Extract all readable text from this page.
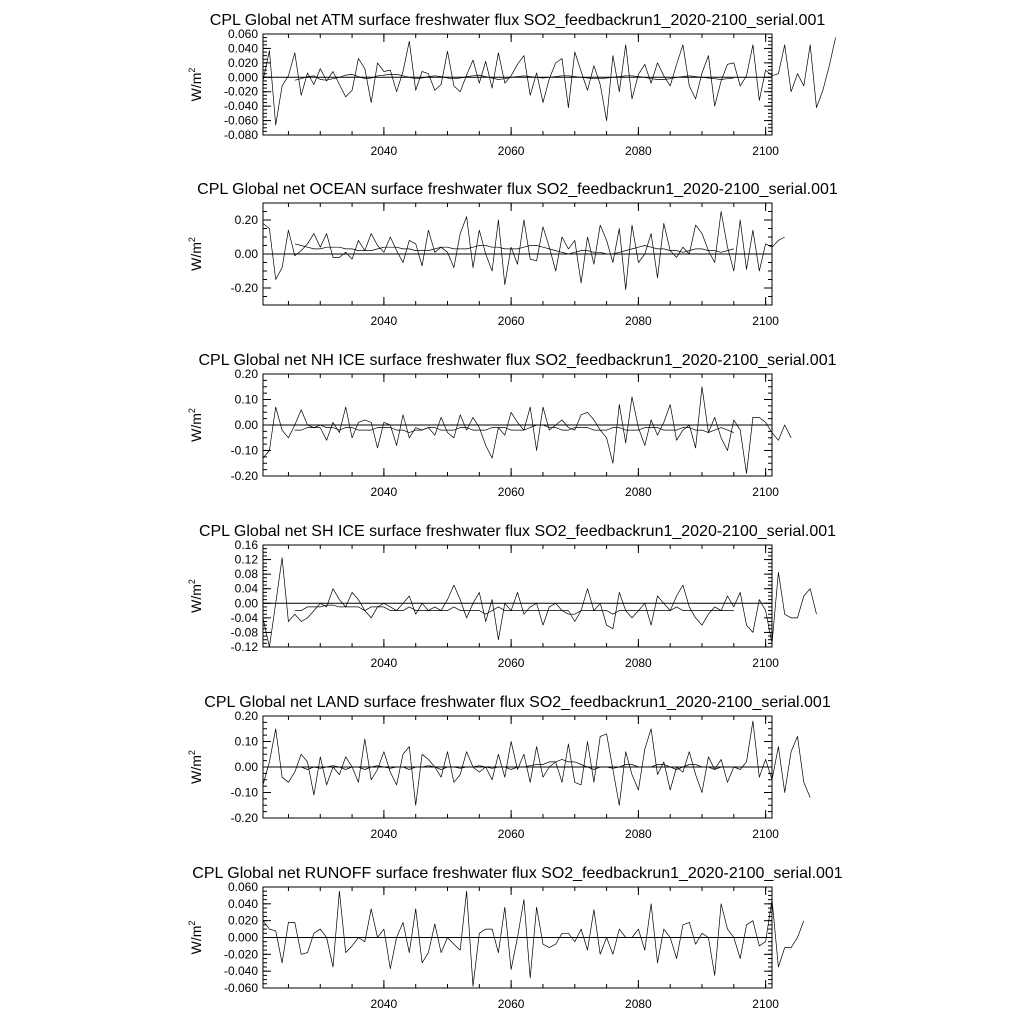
CPL Global net ATM surface freshwater flux SO2_feedbackrun1_2020-2100_serial.001
$W/m^2$
2040	2060	2080	2100
0.060
0.040
0.020
0.000
-0.020
-0.040
-0.060
-0.080
CPL Global net OCEAN surface freshwater flux SO2_feedbackrun1_2020-2100_serial.001
$W/m^2$
2040	2060	2080	2100
0.20
0.00
-0.20
CPL Global net NH ICE surface freshwater flux SO2_feedbackrun1_2020-2100_serial.001
$W/m^2$
2040	2060	2080	2100
0.20
0.10
0.00
-0.10
-0.20
CPL Global net SH ICE surface freshwater flux SO2_feedbackrun1_2020-2100_serial.001
$W/m^2$
2040	2060	2080	2100
0.16
0.12
0.08
0.04
0.00
-0.04
-0.08
-0.12
CPL Global net LAND surface freshwater flux SO2_feedbackrun1_2020-2100_serial.001
$W/m^2$
2040	2060	2080	2100
0.20
0.10
0.00
-0.10
-0.20
CPL Global net RUNOFF surface freshwater flux SO2_feedbackrun1_2020-2100_serial.001
$W/m^2$
2040	2060	2080	2100
0.060
0.040
0.020
0.000
-0.020
-0.040
-0.060
